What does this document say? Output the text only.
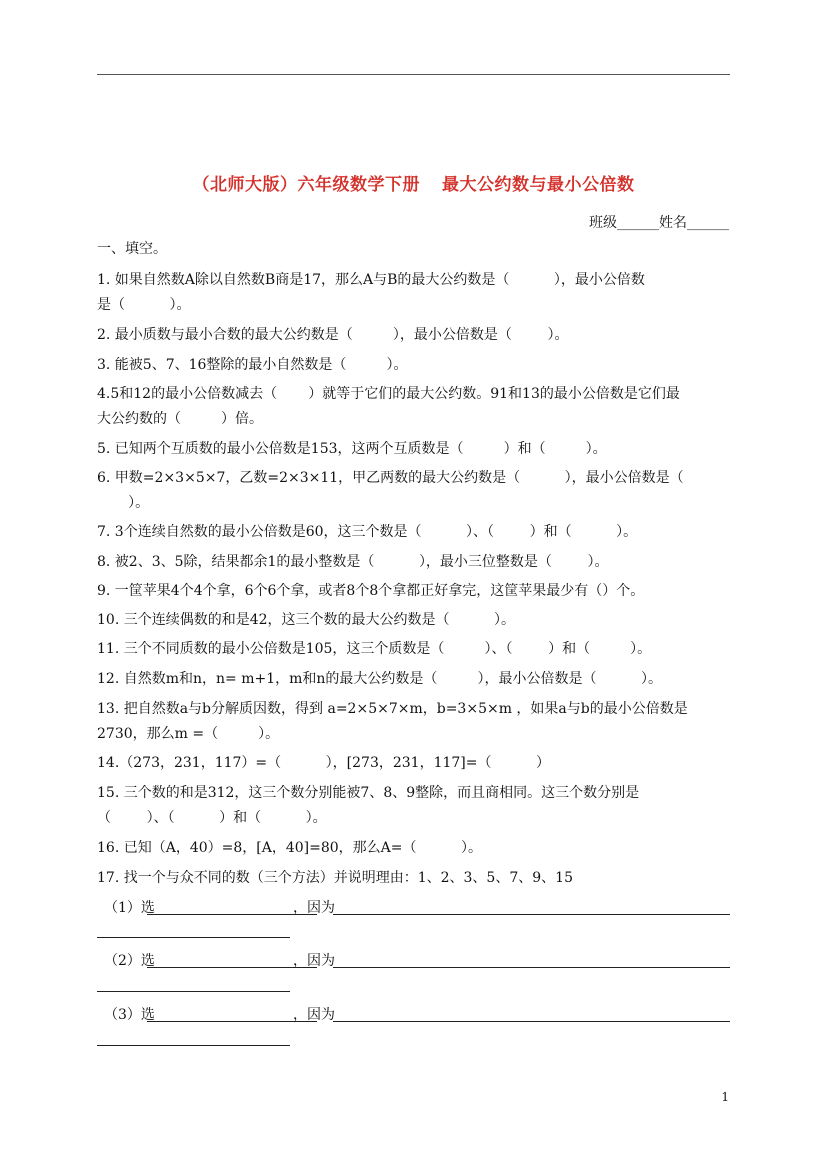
（北师大版）六年级数学下册 最大公约数与最小公倍数
班级______姓名______
一、填空。
1. 如果自然数A除以自然数B商是17，那么A与B的最大公约数是（          ），最小公倍数
是（          ）。
2. 最小质数与最小合数的最大公约数是（         ），最小公倍数是（        ）。
3. 能被5、7、16整除的最小自然数是（         ）。
4.5和12的最小公倍数减去（       ）就等于它们的最大公约数。91和13的最小公倍数是它们最
大公约数的（         ）倍。
5. 已知两个互质数的最小公倍数是153，这两个互质数是（         ）和（         ）。
6. 甲数=2×3×5×7，乙数=2×3×11，甲乙两数的最大公约数是（          ），最小公倍数是（
）。
7. 3个连续自然数的最小公倍数是60，这三个数是（          ）、（        ）和（          ）。
8. 被2、3、5除，结果都余1的最小整数是（          ），最小三位整数是（        ）。
9. 一筐苹果4个4个拿，6个6个拿，或者8个8个拿都正好拿完，这筐苹果最少有（）个。
10. 三个连续偶数的和是42，这三个数的最大公约数是（          ）。
11. 三个不同质数的最小公倍数是105，这三个质数是（         ）、（        ）和（         ）。
12. 自然数m和n，n= m+1，m和n的最大公约数是（         ），最小公倍数是（          ）。
13. 把自然数a与b分解质因数，得到 a=2×5×7×m，b=3×5×m ，如果a与b的最小公倍数是
2730，那么m =（         ）。
14.（273，231，117）=（          ），[273，231，117]=（          ）
15. 三个数的和是312，这三个数分别能被7、8、9整除，而且商相同。这三个数分别是
（        ）、（          ）和（          ）。
16. 已知（A，40）=8，[A，40]=80，那么A=（          ）。
17. 找一个与众不同的数（三个方法）并说明理由：1、2、3、5、7、9、15
（1）选	，因为
（2）选	，因为
（3）选	，因为
1
